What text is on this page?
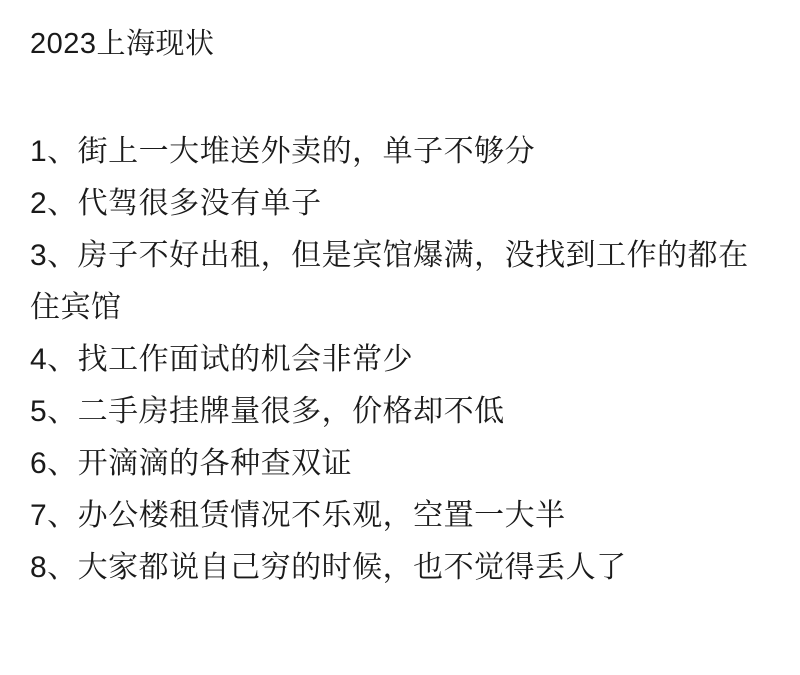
2023上海现状
1、街上一大堆送外卖的，单子不够分
2、代驾很多没有单子
3、房子不好出租，但是宾馆爆满，没找到工作的都在住宾馆
4、找工作面试的机会非常少
5、二手房挂牌量很多，价格却不低
6、开滴滴的各种查双证
7、办公楼租赁情况不乐观，空置一大半
8、大家都说自己穷的时候，也不觉得丢人了
